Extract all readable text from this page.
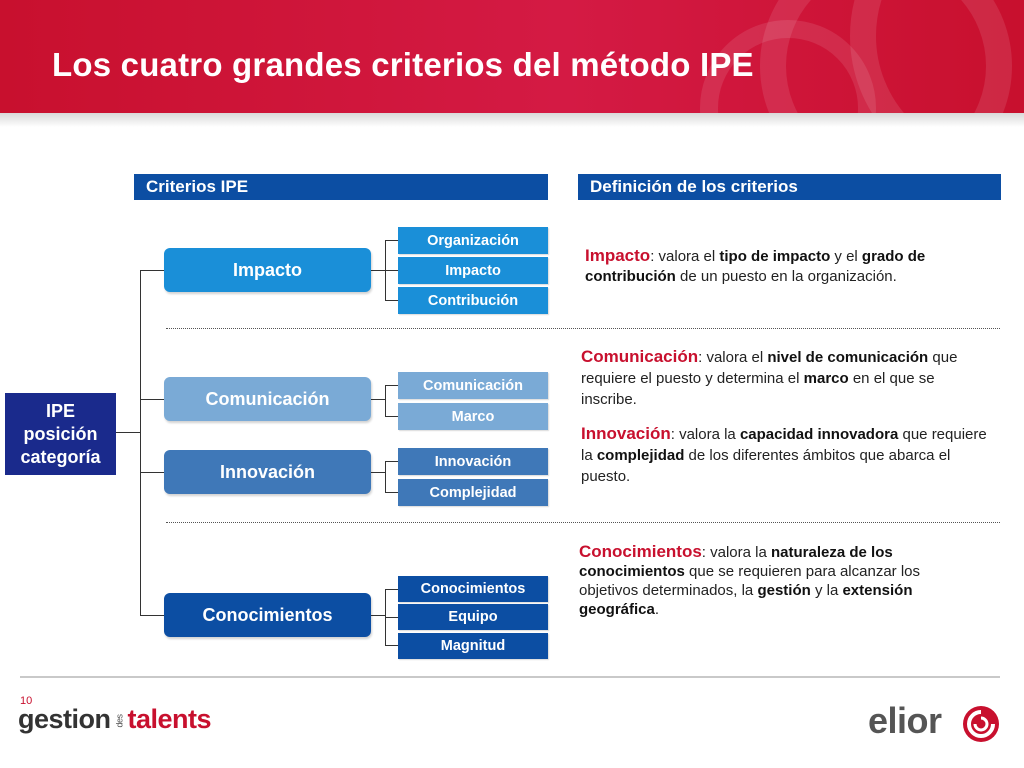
Los cuatro grandes criterios del método IPE
Criterios IPE	Definición de los criterios
IPE
posición
categoría
Impacto
Comunicación
Innovación
Conocimientos
Organización
Impacto
Contribución
Comunicación
Marco
Innovación
Complejidad
Conocimientos
Equipo
Magnitud
Impacto: valora el tipo de impacto y el grado de contribución de un puesto en la organización.
Comunicación: valora el nivel de comunicación que requiere el puesto y determina el marco en el que se inscribe.
Innovación: valora la capacidad innovadora que requiere la complejidad de los diferentes ámbitos que abarca el puesto.
Conocimientos: valora la naturaleza de los conocimientos que se requieren para alcanzar los objetivos determinados, la gestión y la extensión geográfica.
10
gestion des talents	elior
